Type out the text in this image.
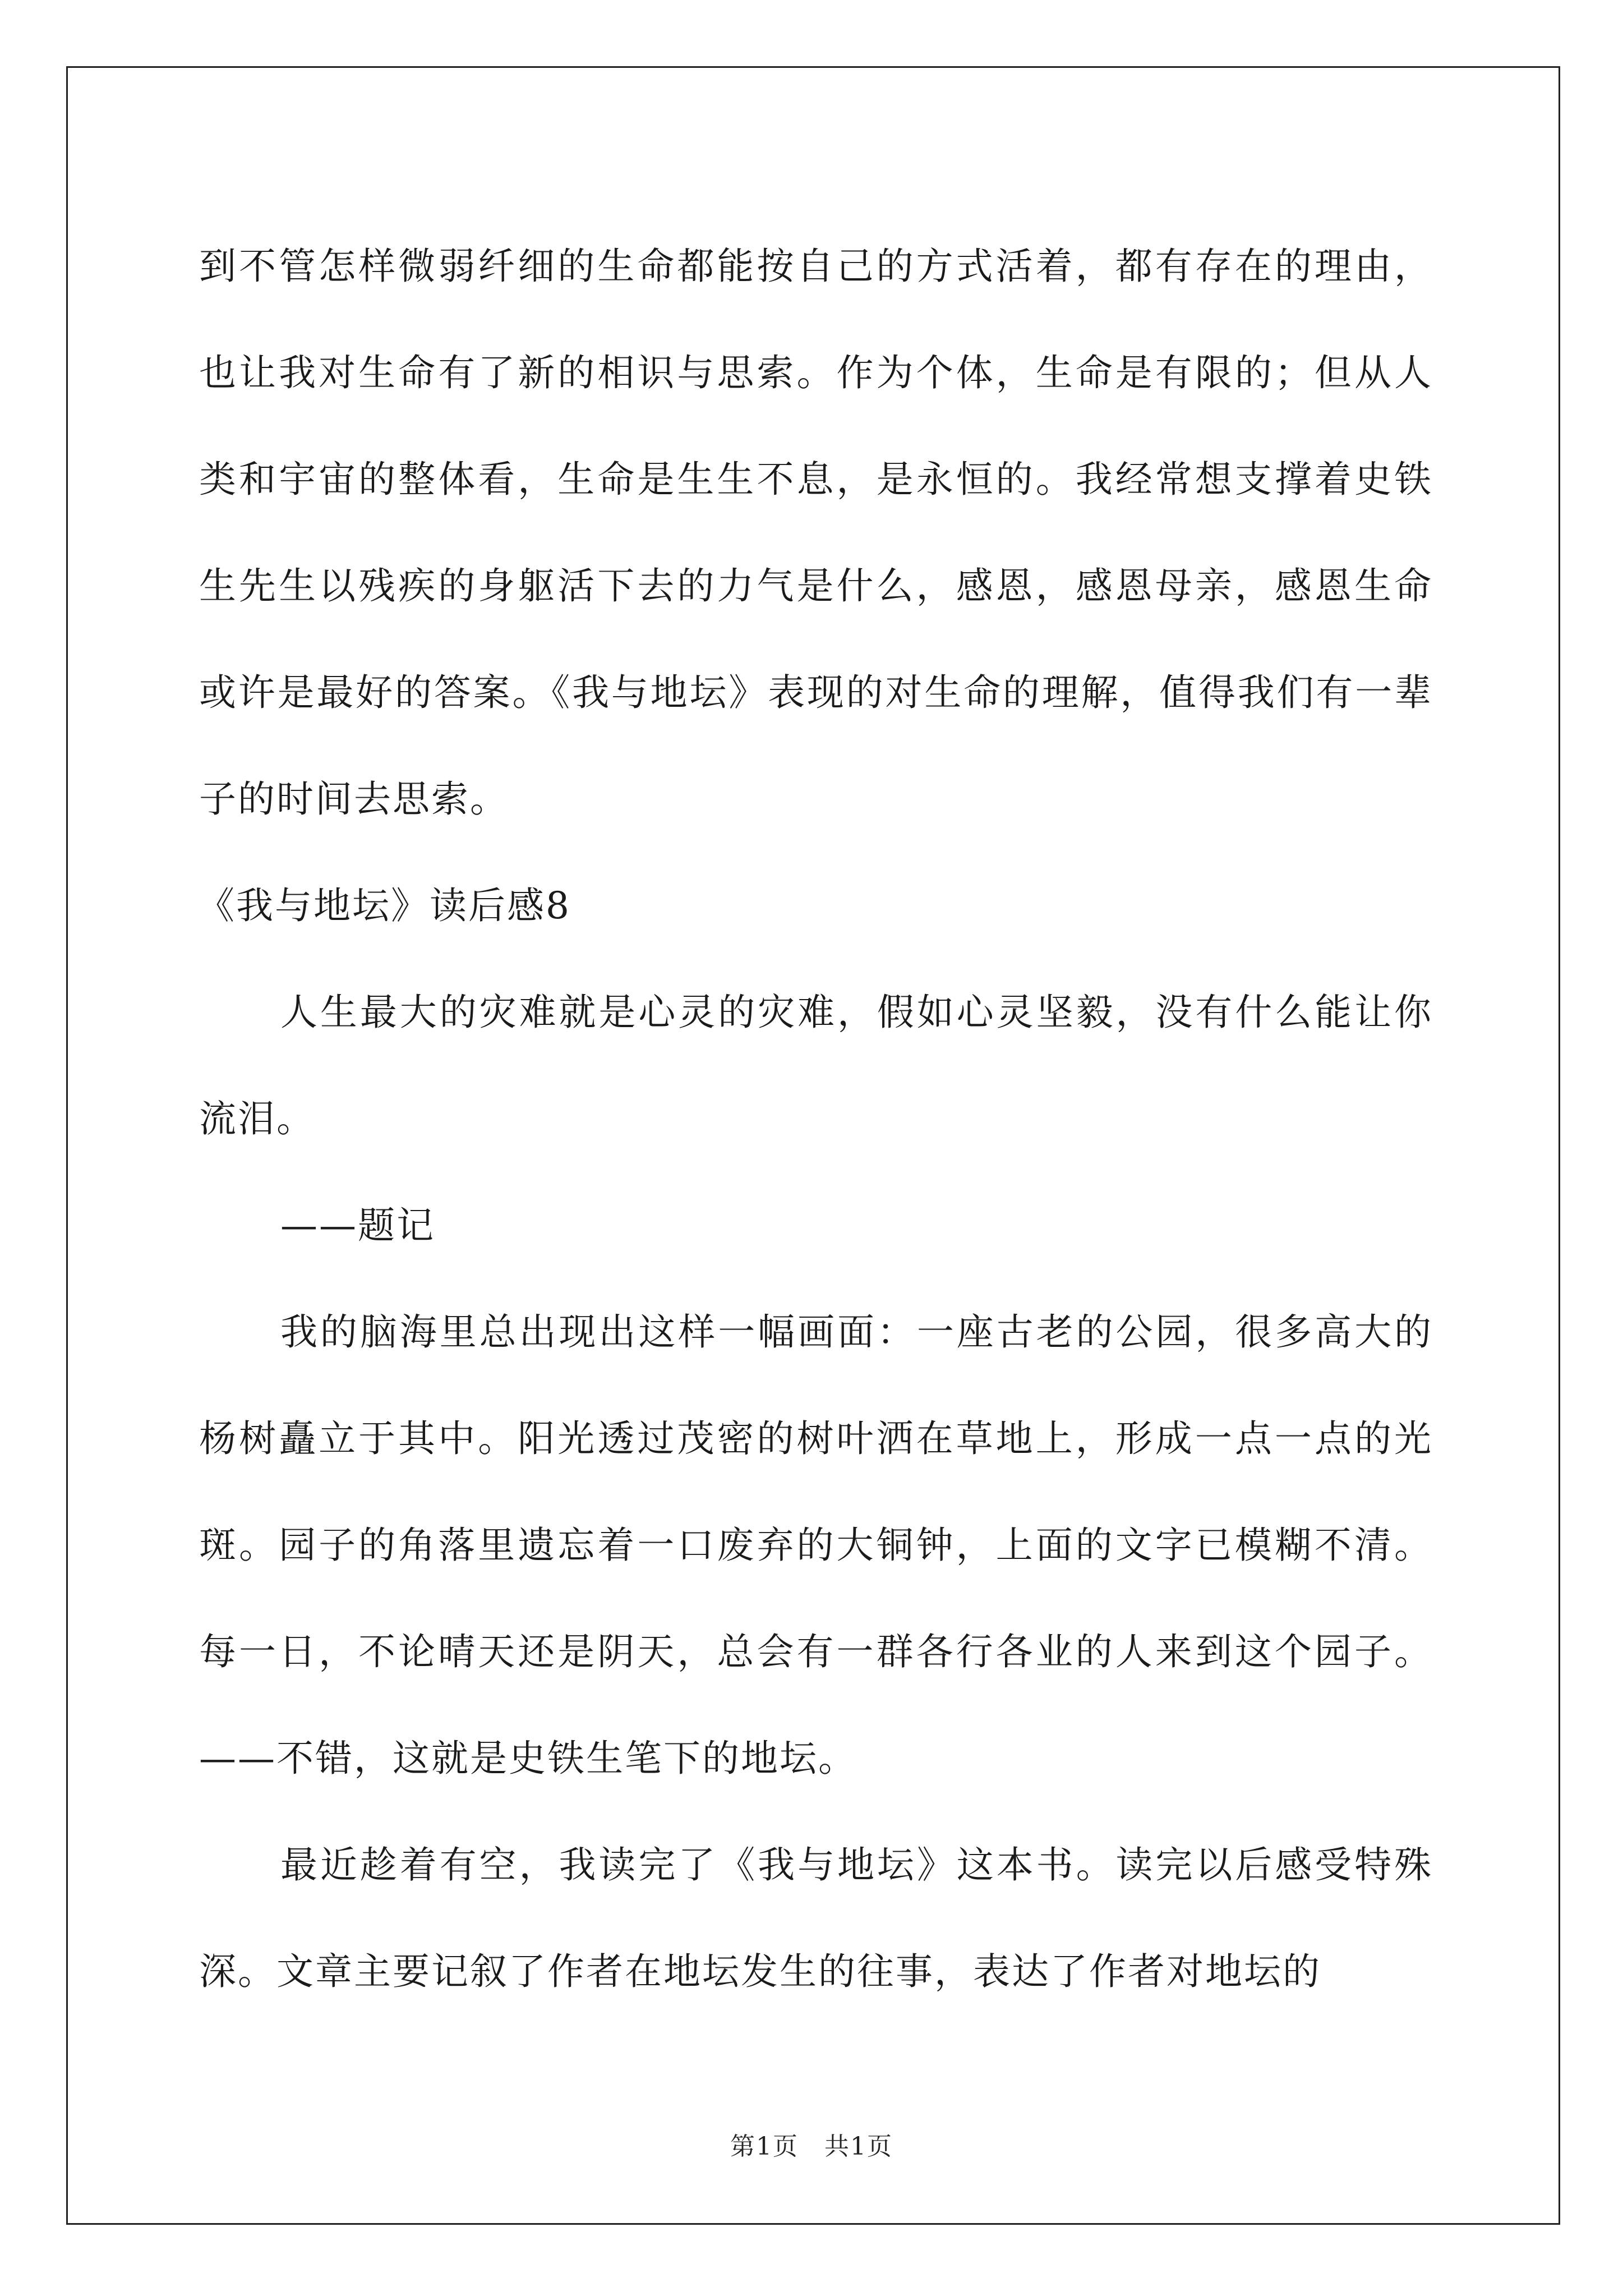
到不管怎样微弱纤细的生命都能按自己的方式活着，都有存在的理由，也让我对生命有了新的相识与思索。作为个体，生命是有限的；但从人类和宇宙的整体看，生命是生生不息，是永恒的。我经常想支撑着史铁生先生以残疾的身躯活下去的力气是什么，感恩，感恩母亲，感恩生命或许是最好的答案。《我与地坛》表现的对生命的理解，值得我们有一辈子的时间去思索。

《我与地坛》读后感8

人生最大的灾难就是心灵的灾难，假如心灵坚毅，没有什么能让你流泪。

——题记

我的脑海里总出现出这样一幅画面：一座古老的公园，很多高大的杨树矗立于其中。阳光透过茂密的树叶洒在草地上，形成一点一点的光斑。园子的角落里遗忘着一口废弃的大铜钟，上面的文字已模糊不清。每一日，不论晴天还是阴天，总会有一群各行各业的人来到这个园子。——不错，这就是史铁生笔下的地坛。

最近趁着有空，我读完了《我与地坛》这本书。读完以后感受特殊深。文章主要记叙了作者在地坛发生的往事，表达了作者对地坛的

第1页　共1页
